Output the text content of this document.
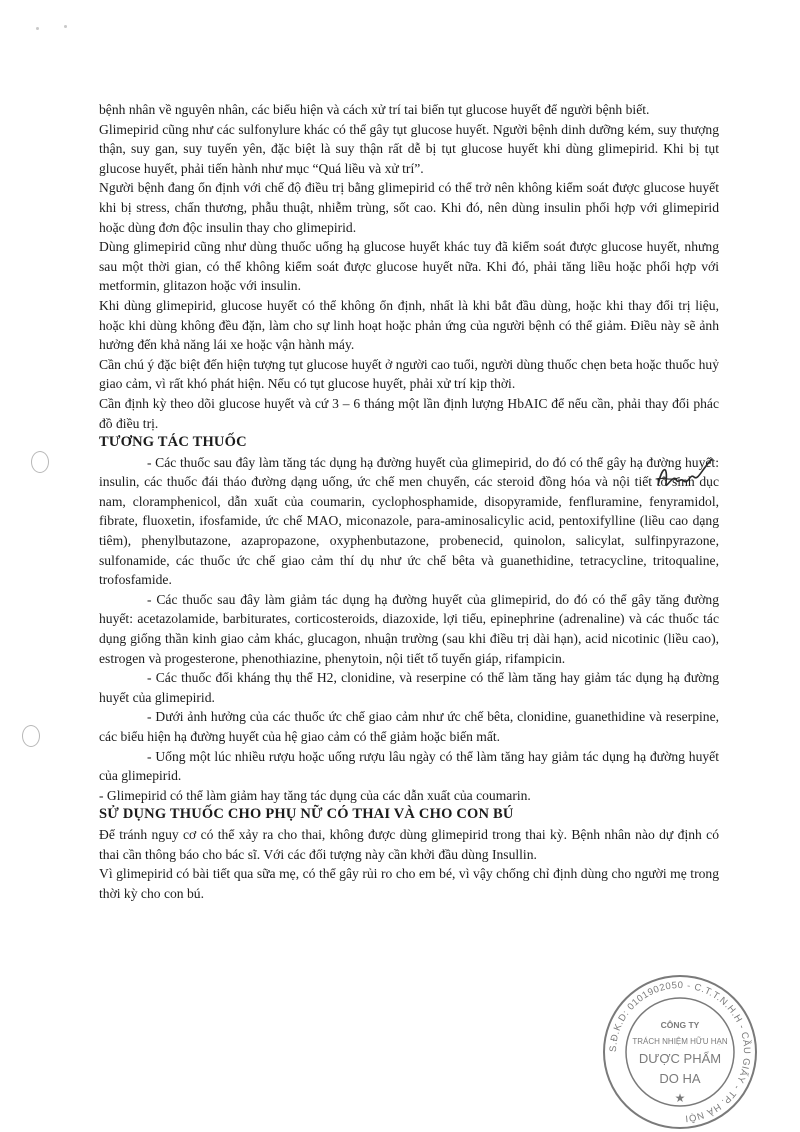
bệnh nhân về nguyên nhân, các biểu hiện và cách xử trí tai biến tụt glucose huyết để người bệnh biết.

Glimepirid cũng như các sulfonylure khác có thể gây tụt glucose huyết. Người bệnh dinh dưỡng kém, suy thượng thận, suy gan, suy tuyến yên, đặc biệt là suy thận rất dễ bị tụt glucose huyết khi dùng glimepirid. Khi bị tụt glucose huyết, phải tiến hành như mục “Quá liều và xử trí”.

Người bệnh đang ổn định với chế độ điều trị bằng glimepirid có thể trở nên không kiểm soát được glucose huyết khi bị stress, chấn thương, phẫu thuật, nhiễm trùng, sốt cao. Khi đó, nên dùng insulin phối hợp với glimepirid hoặc dùng đơn độc insulin thay cho glimepirid.

Dùng glimepirid cũng như dùng thuốc uống hạ glucose huyết khác tuy đã kiểm soát được glucose huyết, nhưng sau một thời gian, có thể không kiểm soát được glucose huyết nữa. Khi đó, phải tăng liều hoặc phối hợp với metformin, glitazon hoặc với insulin.

Khi dùng glimepirid, glucose huyết có thể không ổn định, nhất là khi bắt đầu dùng, hoặc khi thay đổi trị liệu, hoặc khi dùng không đều đặn, làm cho sự linh hoạt hoặc phản ứng của người bệnh có thể giảm. Điều này sẽ ảnh hưởng đến khả năng lái xe hoặc vận hành máy.

Cần chú ý đặc biệt đến hiện tượng tụt glucose huyết ở người cao tuổi, người dùng thuốc chẹn beta hoặc thuốc huỷ giao cảm, vì rất khó phát hiện. Nếu có tụt glucose huyết, phải xử trí kịp thời.

Cần định kỳ theo dõi glucose huyết và cứ 3 – 6 tháng một lần định lượng HbAIC để nếu cần, phải thay đổi phác đồ điều trị.

TƯƠNG TÁC THUỐC

- Các thuốc sau đây làm tăng tác dụng hạ đường huyết của glimepirid, do đó có thể gây hạ đường huyết: insulin, các thuốc đái tháo đường dạng uống, ức chế men chuyển, các steroid đồng hóa và nội tiết tố sinh dục nam, cloramphenicol, dẫn xuất của coumarin, cyclophosphamide, disopyramide, fenfluramine, fenyramidol, fibrate, fluoxetin, ifosfamide, ức chế MAO, miconazole, para-aminosalicylic acid, pentoxifylline (liều cao dạng tiêm), phenylbutazone, azapropazone, oxyphenbutazone, probenecid, quinolon, salicylat, sulfinpyrazone, sulfonamide, các thuốc ức chế giao cảm thí dụ như ức chế bêta và guanethidine, tetracycline, tritoqualine, trofosfamide.

- Các thuốc sau đây làm giảm tác dụng hạ đường huyết của glimepirid, do đó có thể gây tăng đường huyết: acetazolamide, barbiturates, corticosteroids, diazoxide, lợi tiểu, epinephrine (adrenaline) và các thuốc tác dụng giống thần kinh giao cảm khác, glucagon, nhuận trường (sau khi điều trị dài hạn), acid nicotinic (liều cao), estrogen và progesterone, phenothiazine, phenytoin, nội tiết tố tuyến giáp, rifampicin.

- Các thuốc đối kháng thụ thể H2, clonidine, và reserpine có thể làm tăng hay giảm tác dụng hạ đường huyết của glimepirid.

- Dưới ảnh hưởng của các thuốc ức chế giao cảm như ức chế bêta, clonidine, guanethidine và reserpine, các biểu hiện hạ đường huyết của hệ giao cảm có thể giảm hoặc biến mất.

- Uống một lúc nhiều rượu hoặc uống rượu lâu ngày có thể làm tăng hay giảm tác dụng hạ đường huyết của glimepirid.

- Glimepirid có thể làm giảm hay tăng tác dụng của các dẫn xuất của coumarin.

SỬ DỤNG THUỐC CHO PHỤ NỮ CÓ THAI VÀ CHO CON BÚ

Để tránh nguy cơ có thể xảy ra cho thai, không được dùng glimepirid trong thai kỳ. Bệnh nhân nào dự định có thai cần thông báo cho bác sĩ. Với các đối tượng này cần khởi đầu dùng Insullin.

Vì glimepirid có bài tiết qua sữa mẹ, có thể gây rủi ro cho em bé, vì vậy chống chỉ định dùng cho người mẹ trong thời kỳ cho con bú.

S.Đ.K.D: 0101902050 - C.T.T.N.H.H - CẦU GIẤY - TP. HÀ NỘI
CÔNG TY
TRÁCH NHIỆM HỮU HẠN
DƯỢC PHẨM
DO HA
★
